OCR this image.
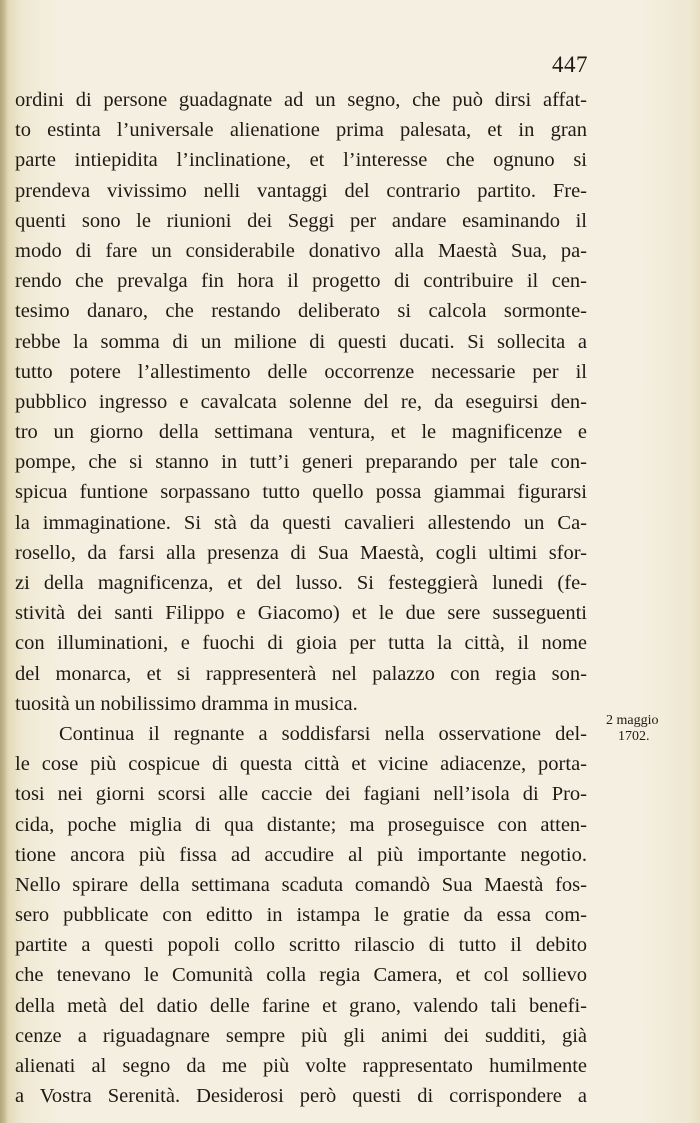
447
ordini di persone guadagnate ad un segno, che può dirsi affat-
to estinta l’universale alienatione prima palesata, et in gran
parte intiepidita l’inclinatione, et l’interesse che ognuno si
prendeva vivissimo nelli vantaggi del contrario partito. Fre-
quenti sono le riunioni dei Seggi per andare esaminando il
modo di fare un considerabile donativo alla Maestà Sua, pa-
rendo che prevalga fin hora il progetto di contribuire il cen-
tesimo danaro, che restando deliberato si calcola sormonte-
rebbe la somma di un milione di questi ducati. Si sollecita a
tutto potere l’allestimento delle occorrenze necessarie per il
pubblico ingresso e cavalcata solenne del re, da eseguirsi den-
tro un giorno della settimana ventura, et le magnificenze e
pompe, che si stanno in tutt’i generi preparando per tale con-
spicua funtione sorpassano tutto quello possa giammai figurarsi
la immaginatione. Si stà da questi cavalieri allestendo un Ca-
rosello, da farsi alla presenza di Sua Maestà, cogli ultimi sfor-
zi della magnificenza, et del lusso. Si festeggierà lunedi (fe-
stività dei santi Filippo e Giacomo) et le due sere susseguenti
con illuminationi, e fuochi di gioia per tutta la città, il nome
del monarca, et si rappresenterà nel palazzo con regia son-
tuosità un nobilissimo dramma in musica.
Continua il regnante a soddisfarsi nella osservatione del-
le cose più cospicue di questa città et vicine adiacenze, porta-
tosi nei giorni scorsi alle caccie dei fagiani nell’isola di Pro-
cida, poche miglia di qua distante; ma proseguisce con atten-
tione ancora più fissa ad accudire al più importante negotio.
Nello spirare della settimana scaduta comandò Sua Maestà fos-
sero pubblicate con editto in istampa le gratie da essa com-
partite a questi popoli collo scritto rilascio di tutto il debito
che tenevano le Comunità colla regia Camera, et col sollievo
della metà del datio delle farine et grano, valendo tali benefi-
cenze a riguadagnare sempre più gli animi dei sudditi, già
alienati al segno da me più volte rappresentato humilmente
a Vostra Serenità. Desiderosi però questi di corrispondere a
2 maggio
1702.
